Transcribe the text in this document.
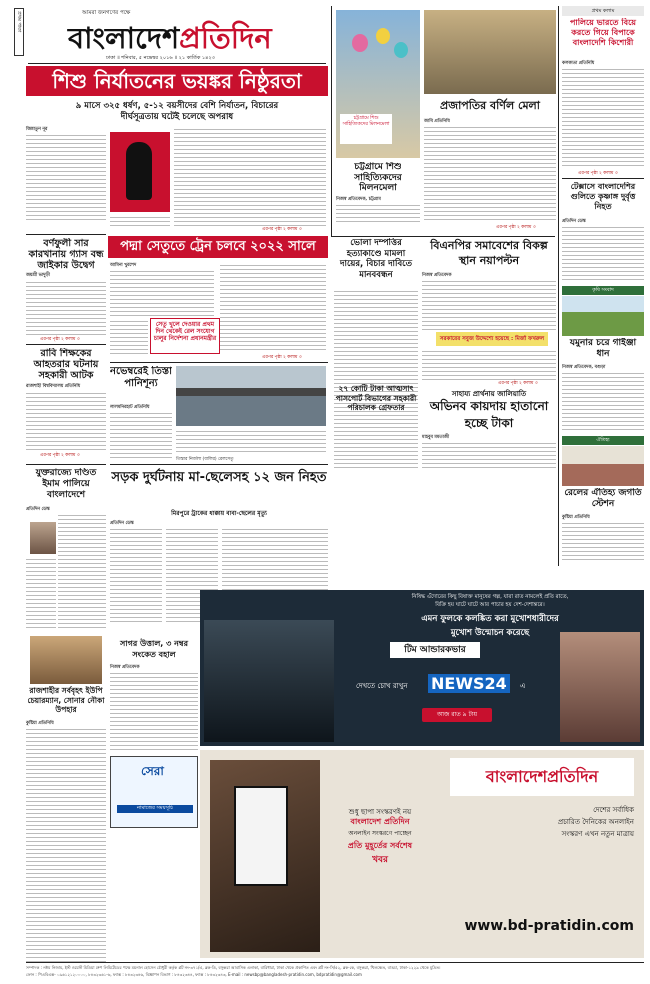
প্রথম পাতা	আমরা জনগণের পক্ষে
বাংলাদেশপ্রতিদিন
ঢাকা ॥ শনিবার, ৫ নভেম্বর ২০১৬ ॥ ২১ কার্তিক ১৪২৩
শিশু নির্যাতনের ভয়ঙ্কর নিষ্ঠুরতা
৯ মাসে ৩২৫ ধর্ষণ, ৫-১২ বয়সীদের বেশি নির্যাতন, বিচারের
দীর্ঘসূত্রতায় ঘটেই চলেছে অপরাধ
জিন্নাতুন নূর
এরপর পৃষ্ঠা ২ কলাম ৩
বর্ণফুলী সার কারখানায় গ্যাস বন্ধ জাইকার উদ্বেগ
জয়শ্রী ভাদুড়ী
এরপর পৃষ্ঠা ২ কলাম ৩
রাবি শিক্ষকের আহতরার ঘটনায় সহকারী আটক
রাজশাহী বিশ্ববিদ্যালয় প্রতিনিধি
এরপর পৃষ্ঠা ২ কলাম ৩
পদ্মা সেতুতে ট্রেন চলবে ২০২২ সালে
আমিনা খুরশেদ
সেতু খুলে দেওয়ার প্রথম দিন থেকেই রেল সংযোগ চালুর নির্দেশনা প্রধানমন্ত্রীর
এরপর পৃষ্ঠা ২ কলাম ৩
নভেম্বরেই তিস্তা পানিশূন্য
লালমনিরহাট প্রতিনিধি
তিস্তার নির্জলা (বালির) রেলসেতু
চট্টগ্রামে শিশু সাহিত্যিকদের মিলনমেলা
চট্টগ্রামে শিশু সাহিত্যিকদের মিলনমেলা
নিজস্ব প্রতিবেদক, চট্টগ্রাম
প্রজাপতির বর্ণিল মেলা
জাবি প্রতিনিধি
এরপর পৃষ্ঠা ২ কলাম ৩
প্রথম কলাম
পালিয়ে ভারতে বিয়ে করতে গিয়ে বিপাকে বাংলাদেশি কিশোরী
কলকাতা প্রতিনিধি
এরপর পৃষ্ঠা ২ কলাম ৩
টেক্সাসে বাংলাদেশির গুলিতে কৃষ্ণাঙ্গ দুর্বৃত্ত নিহত
প্রতিদিন ডেস্ক
কৃষি সংবাদ
যমুনার চরে গাইঞ্জা ধান
নিজস্ব প্রতিবেদক, বগুড়া
ঐতিহ্য
রেলের ঐতিহ্য জগতি স্টেশন
কুষ্টিয়া প্রতিনিধি
ভোলা দম্পত্তির হত্যাকাণ্ডে মামলা দায়ের, বিচার দাবিতে মানববন্ধন
বিএনপির সমাবেশের বিকল্প স্থান নয়াপল্টন
নিজস্ব প্রতিবেদক
সরকারের সবুজ উদ্দেশ্যে হয়েছে : মির্জা ফখরুল
এরপর পৃষ্ঠা ২ কলাম ৩
২৭ কোটি টাকা আত্মসাৎ পাসপোর্ট বিভাগের সহকারী পরিচালক গ্রেফতার
সাহায্য প্রার্থনায় জালিয়াতি
অভিনব কায়দায় হাতানো হচ্ছে টাকা
মাহবুব মমতাজী
যুক্তরাজ্যে দণ্ডিত ইমাম পালিয়ে বাংলাদেশে
প্রতিদিন ডেস্ক
রাজশাহীর সর্ববৃহৎ ইউপি চেয়ারম্যান, সোনার নৌকা উপহার
কুষ্টিয়া প্রতিনিধি
সড়ক দুর্ঘটনায় মা-ছেলেসহ ১২ জন নিহত
মিরপুরে ট্রাকের ধাক্কায় বাবা-ছেলের মৃত্যু
প্রতিদিন ডেস্ক
সাগর উত্তাল, ৩ নম্বর সংকেত বহাল
নিজস্ব প্রতিবেদক
সেরা
নামাজের সময়সূচি
নিষিদ্ধ এঁদোরের কিছু বিষাক্ত মানুষের গল্প, যারা রাত নামলেই প্রতি রাতে,
বিক্রি হয় ঘাটে ঘাটে আর পাচার হয় দেশ-দেশান্তরে।
এমন ফুলকে কলঙ্কিত করা মুখোশধারীদের
মুখোশ উন্মোচন করেছে
টিম আন্ডারকভার
দেখতে চোখ রাখুন NEWS24	এ
আজ রাত ৯ টায়
শুধু ছাপা সংস্করণই নয়
বাংলাদেশ প্রতিদিন
অনলাইন সংস্করণে পাচ্ছেন
প্রতি মুহূর্তের সর্বশেষ
খবর
বাংলাদেশপ্রতিদিন
দেশের সর্বাধিক
প্রচারিত দৈনিকের অনলাইন
সংস্করণ এখন নতুন মাত্রায়
www.bd-pratidin.com
সম্পাদক : নঈম নিজাম, ইস্ট ওয়েস্ট মিডিয়া গ্রুপ লিমিটেডের পক্ষে ময়নাল হোসেন চৌধুরী কর্তৃক প্লট নং-৩৭১/এ, ব্লক-ডি, বসুন্ধরা আবাসিক এলাকা, বারিধারা, ঢাকা থেকে প্রকাশিত এবং প্লট নং-সি/৫২, ব্লক-কে, বসুন্ধরা, খিলক্ষেত, বাড্ডা, ঢাকা-১২২৯ থেকে মুদ্রিত।
ফোন : পিএবিএক্স- ০৯৬১২১২০০০০, ৮৪৩২৩৬১-৬, ফ্যাক্স : ৮৪৩২৩৪৬, বিজ্ঞাপন বিভাগ : ৮৪৩২৩৪৪, ফ্যাক্স : ৮৪৩২৩৪৩, E-mail : newsbp@bangladesh-pratidin.com, bdpratidin@gmail.com
